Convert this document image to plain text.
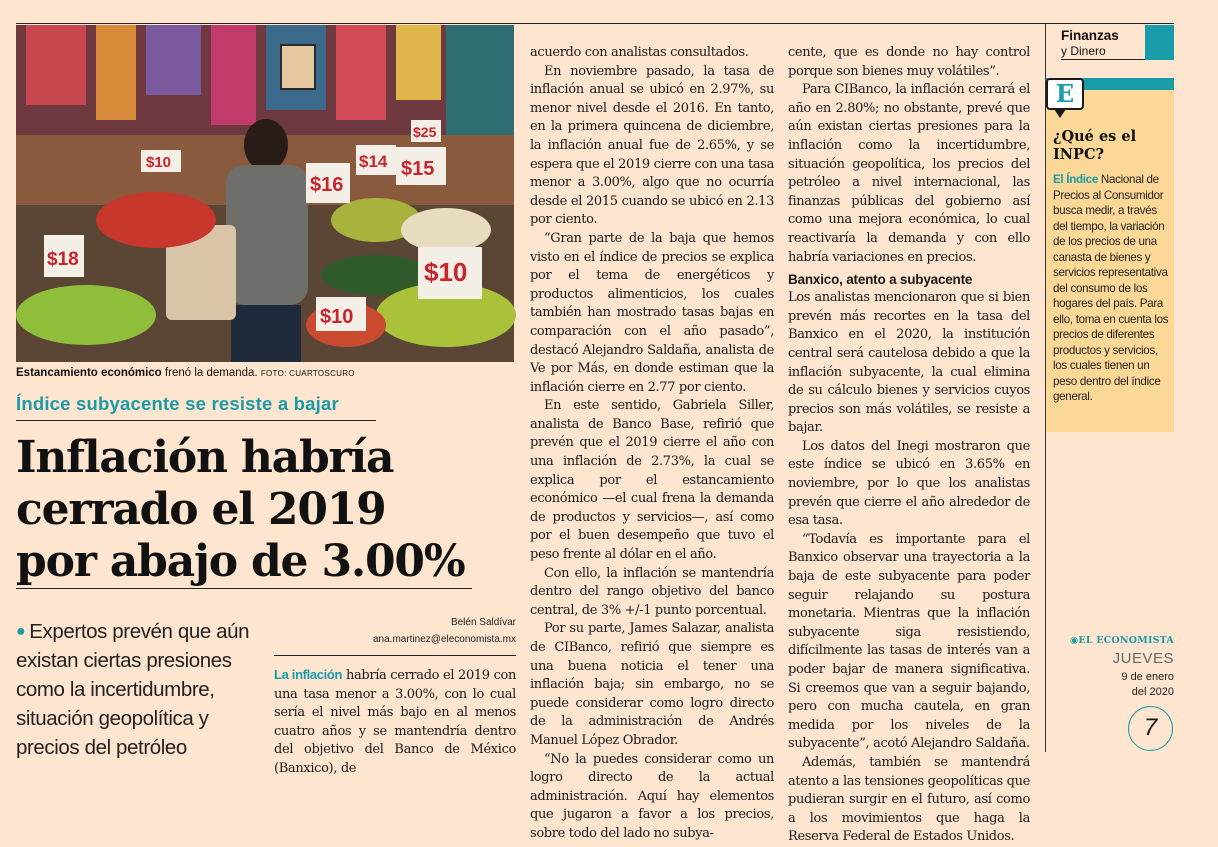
$10
$16
$14 $15
$25
$18	$10
$10
Estancamiento económico frenó la demanda. FOTO: CUARTOSCURO
Índice subyacente se resiste a bajar
Inflación habría
cerrado el 2019
por abajo de 3.00%
● Expertos prevén que aún existan ciertas presiones como la incertidumbre, situación geopolítica y precios del petróleo
Belén Saldívar
ana.martinez@eleconomista.mx

La inflación habría cerrado el 2019 con una tasa menor a 3.00%, con lo cual sería el nivel más bajo en al menos cuatro años y se mantendría dentro del objetivo del Banco de México (Banxico), de

acuerdo con analistas consultados.

En noviembre pasado, la tasa de inflación anual se ubicó en 2.97%, su menor nivel desde el 2016. En tanto, en la primera quincena de diciembre, la inflación anual fue de 2.65%, y se espera que el 2019 cierre con una tasa menor a 3.00%, algo que no ocurría desde el 2015 cuando se ubicó en 2.13 por ciento.

“Gran parte de la baja que hemos visto en el índice de precios se explica por el tema de energéticos y productos alimenticios, los cuales también han mostrado tasas bajas en comparación con el año pasado”, destacó Alejandro Saldaña, analista de Ve por Más, en donde estiman que la inflación cierre en 2.77 por ciento.

En este sentido, Gabriela Siller, analista de Banco Base, refirió que prevén que el 2019 cierre el año con una inflación de 2.73%, la cual se explica por el estancamiento económico —el cual frena la demanda de productos y servicios—, así como por el buen desempeño que tuvo el peso frente al dólar en el año.

Con ello, la inflación se mantendría dentro del rango objetivo del banco central, de 3% +/-1 punto porcentual.

Por su parte, James Salazar, analista de CIBanco, refirió que siempre es una buena noticia el tener una inflación baja; sin embargo, no se puede considerar como logro directo de la administración de Andrés Manuel López Obrador.

“No la puedes considerar como un logro directo de la actual administración. Aquí hay elementos que jugaron a favor a los precios, sobre todo del lado no subya-

cente, que es donde no hay control porque son bienes muy volátiles”.

Para CIBanco, la inflación cerrará el año en 2.80%; no obstante, prevé que aún existan ciertas presiones para la inflación como la incertidumbre, situación geopolítica, los precios del petróleo a nivel internacional, las finanzas públicas del gobierno así como una mejora económica, lo cual reactivaría la demanda y con ello habría variaciones en precios.

Banxico, atento a subyacente

Los analistas mencionaron que si bien prevén más recortes en la tasa del Banxico en el 2020, la institución central será cautelosa debido a que la inflación subyacente, la cual elimina de su cálculo bienes y servicios cuyos precios son más volátiles, se resiste a bajar.

Los datos del Inegi mostraron que este índice se ubicó en 3.65% en noviembre, por lo que los analistas prevén que cierre el año alrededor de esa tasa.

“Todavía es importante para el Banxico observar una trayectoria a la baja de este subyacente para poder seguir relajando su postura monetaria. Mientras que la inflación subyacente siga resistiendo, difícilmente las tasas de interés van a poder bajar de manera significativa. Si creemos que van a seguir bajando, pero con mucha cautela, en gran medida por los niveles de la subyacente”, acotó Alejandro Saldaña.

Además, también se mantendrá atento a las tensiones geopolíticas que pudieran surgir en el futuro, así como a los movimientos que haga la Reserva Federal de Estados Unidos.

Finanzas
y Dinero
E
¿Qué es el INPC?
El Índice Nacional de Precios al Consumidor busca medir, a través del tiempo, la variación de los precios de una canasta de bienes y servicios representativa del consumo de los hogares del país. Para ello, toma en cuenta los precios de diferentes productos y servicios, los cuales tienen un peso dentro del índice general.
◉EL ECONOMISTA
JUEVES
9 de enero
del 2020
7
